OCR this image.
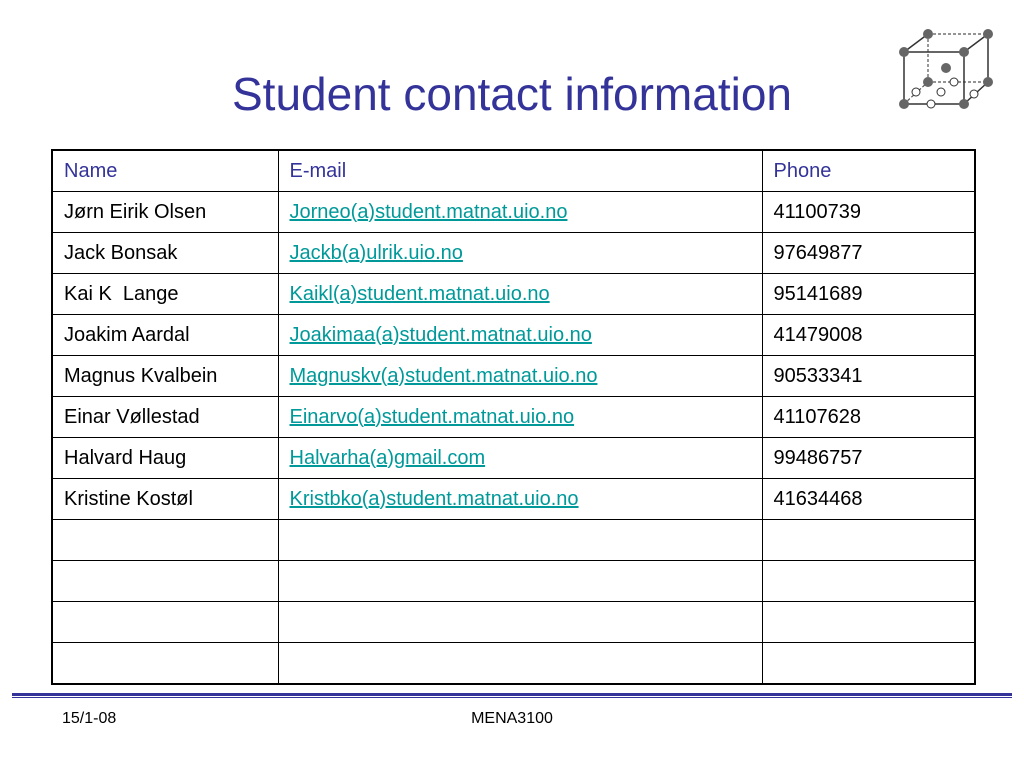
Student contact information
Name	E-mail	Phone
Jørn Eirik Olsen	Jorneo(a)student.matnat.uio.no	41100739
Jack Bonsak	Jackb(a)ulrik.uio.no	97649877
Kai K  Lange	Kaikl(a)student.matnat.uio.no	95141689
Joakim Aardal	Joakimaa(a)student.matnat.uio.no	41479008
Magnus Kvalbein	Magnuskv(a)student.matnat.uio.no	90533341
Einar Vøllestad	Einarvo(a)student.matnat.uio.no	41107628
Halvard Haug	Halvarha(a)gmail.com	99486757
Kristine Kostøl	Kristbko(a)student.matnat.uio.no	41634468

15/1-08	MENA3100
